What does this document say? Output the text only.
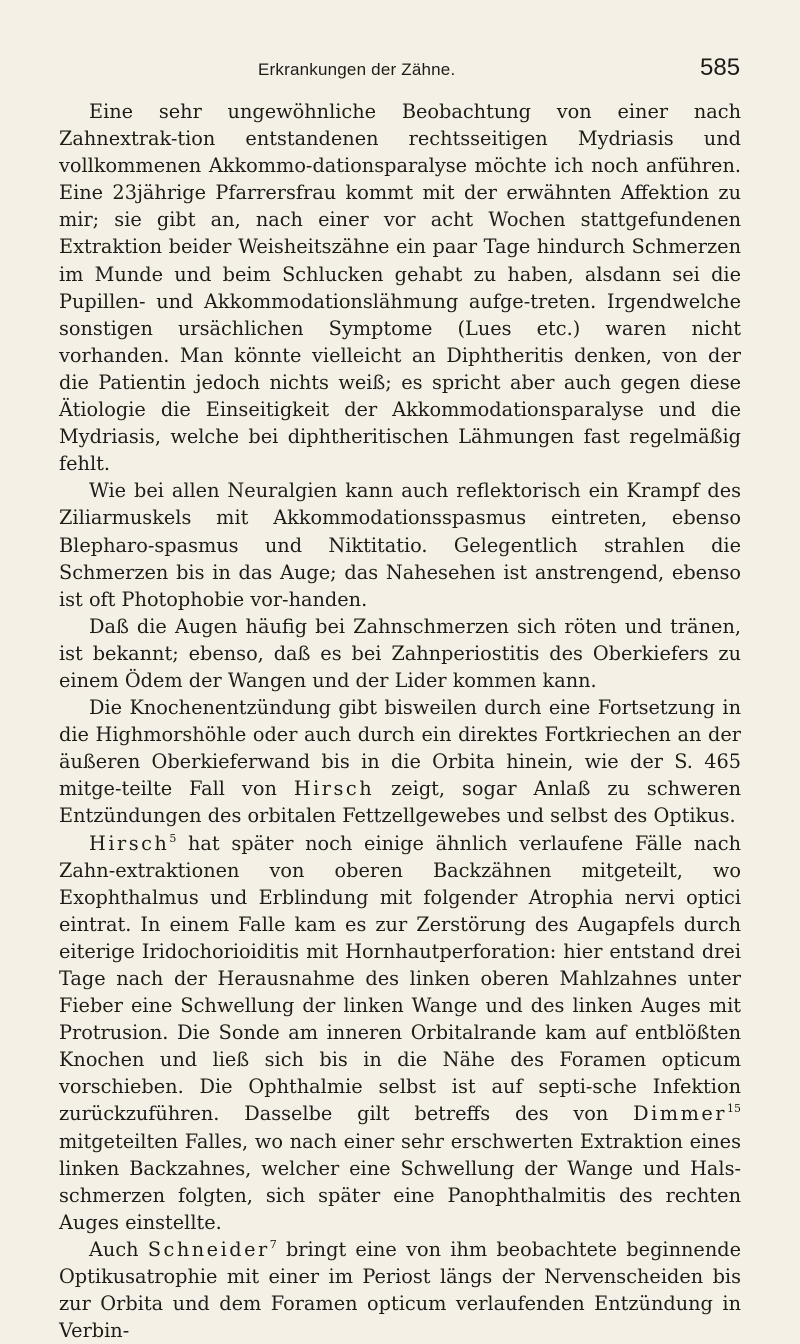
Erkrankungen der Zähne.	585

Eine sehr ungewöhnliche Beobachtung von einer nach Zahnextrak-tion entstandenen rechtsseitigen Mydriasis und vollkommenen Akkommo-dationsparalyse möchte ich noch anführen. Eine 23jährige Pfarrersfrau kommt mit der erwähnten Affektion zu mir; sie gibt an, nach einer vor acht Wochen stattgefundenen Extraktion beider Weisheitszähne ein paar Tage hindurch Schmerzen im Munde und beim Schlucken gehabt zu haben, alsdann sei die Pupillen- und Akkommodationslähmung aufge-treten. Irgendwelche sonstigen ursächlichen Symptome (Lues etc.) waren nicht vorhanden. Man könnte vielleicht an Diphtheritis denken, von der die Patientin jedoch nichts weiß; es spricht aber auch gegen diese Ätiologie die Einseitigkeit der Akkommodationsparalyse und die Mydriasis, welche bei diphtheritischen Lähmungen fast regelmäßig fehlt.

Wie bei allen Neuralgien kann auch reflektorisch ein Krampf des Ziliarmuskels mit Akkommodationsspasmus eintreten, ebenso Blepharo-spasmus und Niktitatio. Gelegentlich strahlen die Schmerzen bis in das Auge; das Nahesehen ist anstrengend, ebenso ist oft Photophobie vor-handen.

Daß die Augen häufig bei Zahnschmerzen sich röten und tränen, ist bekannt; ebenso, daß es bei Zahnperiostitis des Oberkiefers zu einem Ödem der Wangen und der Lider kommen kann.

Die Knochenentzündung gibt bisweilen durch eine Fortsetzung in die Highmorshöhle oder auch durch ein direktes Fortkriechen an der äußeren Oberkieferwand bis in die Orbita hinein, wie der S. 465 mitge-teilte Fall von Hirsch zeigt, sogar Anlaß zu schweren Entzündungen des orbitalen Fettzellgewebes und selbst des Optikus.

Hirsch$^5$ hat später noch einige ähnlich verlaufene Fälle nach Zahn-extraktionen von oberen Backzähnen mitgeteilt, wo Exophthalmus und Erblindung mit folgender Atrophia nervi optici eintrat. In einem Falle kam es zur Zerstörung des Augapfels durch eiterige Iridochorioiditis mit Hornhautperforation: hier entstand drei Tage nach der Herausnahme des linken oberen Mahlzahnes unter Fieber eine Schwellung der linken Wange und des linken Auges mit Protrusion. Die Sonde am inneren Orbitalrande kam auf entblößten Knochen und ließ sich bis in die Nähe des Foramen opticum vorschieben. Die Ophthalmie selbst ist auf septi-sche Infektion zurückzuführen. Dasselbe gilt betreffs des von Dimmer$^{15}$ mitgeteilten Falles, wo nach einer sehr erschwerten Extraktion eines linken Backzahnes, welcher eine Schwellung der Wange und Hals-schmerzen folgten, sich später eine Panophthalmitis des rechten Auges einstellte.

Auch Schneider$^7$ bringt eine von ihm beobachtete beginnende Optikusatrophie mit einer im Periost längs der Nervenscheiden bis zur Orbita und dem Foramen opticum verlaufenden Entzündung in Verbin-
